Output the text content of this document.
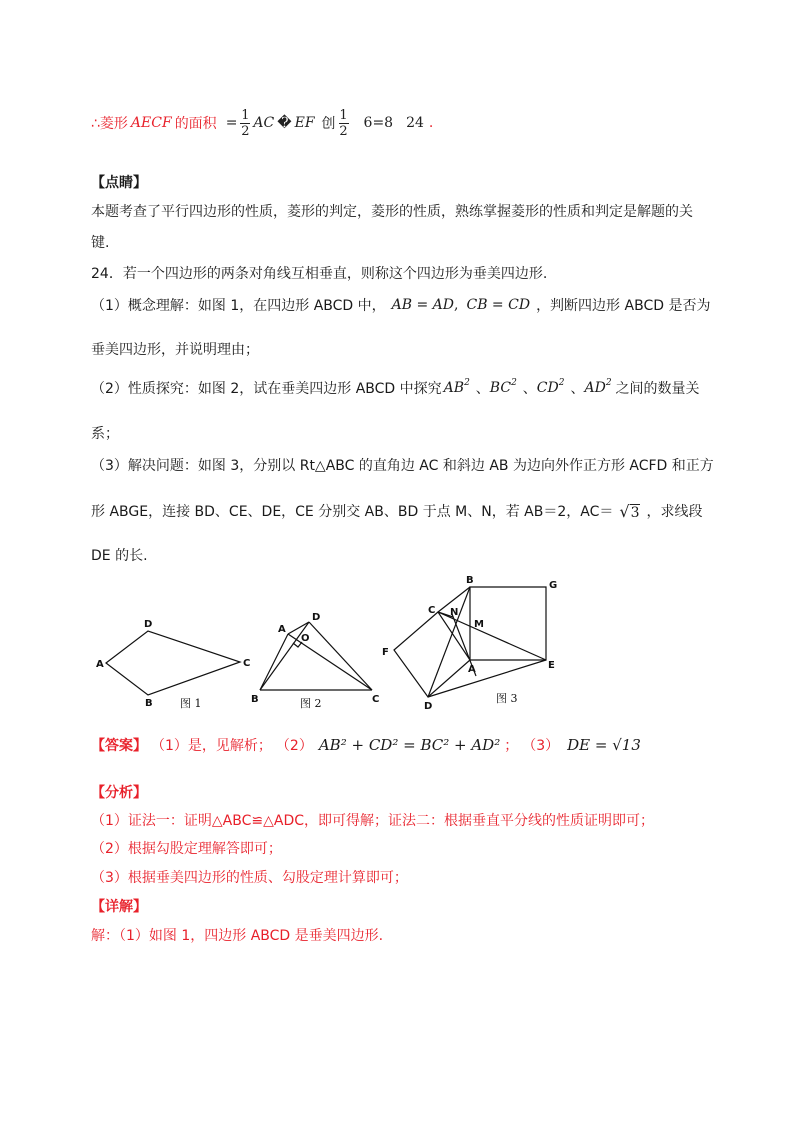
∴菱形 AECF 的面积 = $\frac{1}{2}$ AC � EF 创 $\frac{1}{2} 6=8$ 24 .
【点睛】
本题考查了平行四边形的性质，菱形的判定，菱形的性质，熟练掌握菱形的性质和判定是解题的关
键.
24．若一个四边形的两条对角线互相垂直，则称这个四边形为垂美四边形.
（1）概念理解：如图 1，在四边形 ABCD 中， AB = AD , CB = CD ，判断四边形 ABCD 是否为
垂美四边形，并说明理由；
（2）性质探究：如图 2，试在垂美四边形 ABCD 中探究 $AB^2$ 、 $BC^2$ 、 $CD^2$ 、 $AD^2$ 之间的数量关
系；
（3）解决问题：如图 3，分别以 Rt△ABC 的直角边 AC 和斜边 AB 为边向外作正方形 ACFD 和正方
形 ABGE，连接 BD、CE、DE，CE 分别交 AB、BD 于点 M、N，若 AB＝2，AC＝ √ 3 ，求线段
DE 的长.
A
D
C
B 图 1
A
D
O
B	C
图 2
B	G
C N
M
F
A	E
D
图 3
【答案】 （1）是，见解析； （2） AB² + CD² = BC² + AD² ； （3） DE = √13
【分析】
（1）证法一：证明△ABC≌△ADC，即可得解；证法二：根据垂直平分线的性质证明即可；
（2）根据勾股定理解答即可；
（3）根据垂美四边形的性质、勾股定理计算即可；
【详解】
解：（1）如图 1，四边形 ABCD 是垂美四边形.
